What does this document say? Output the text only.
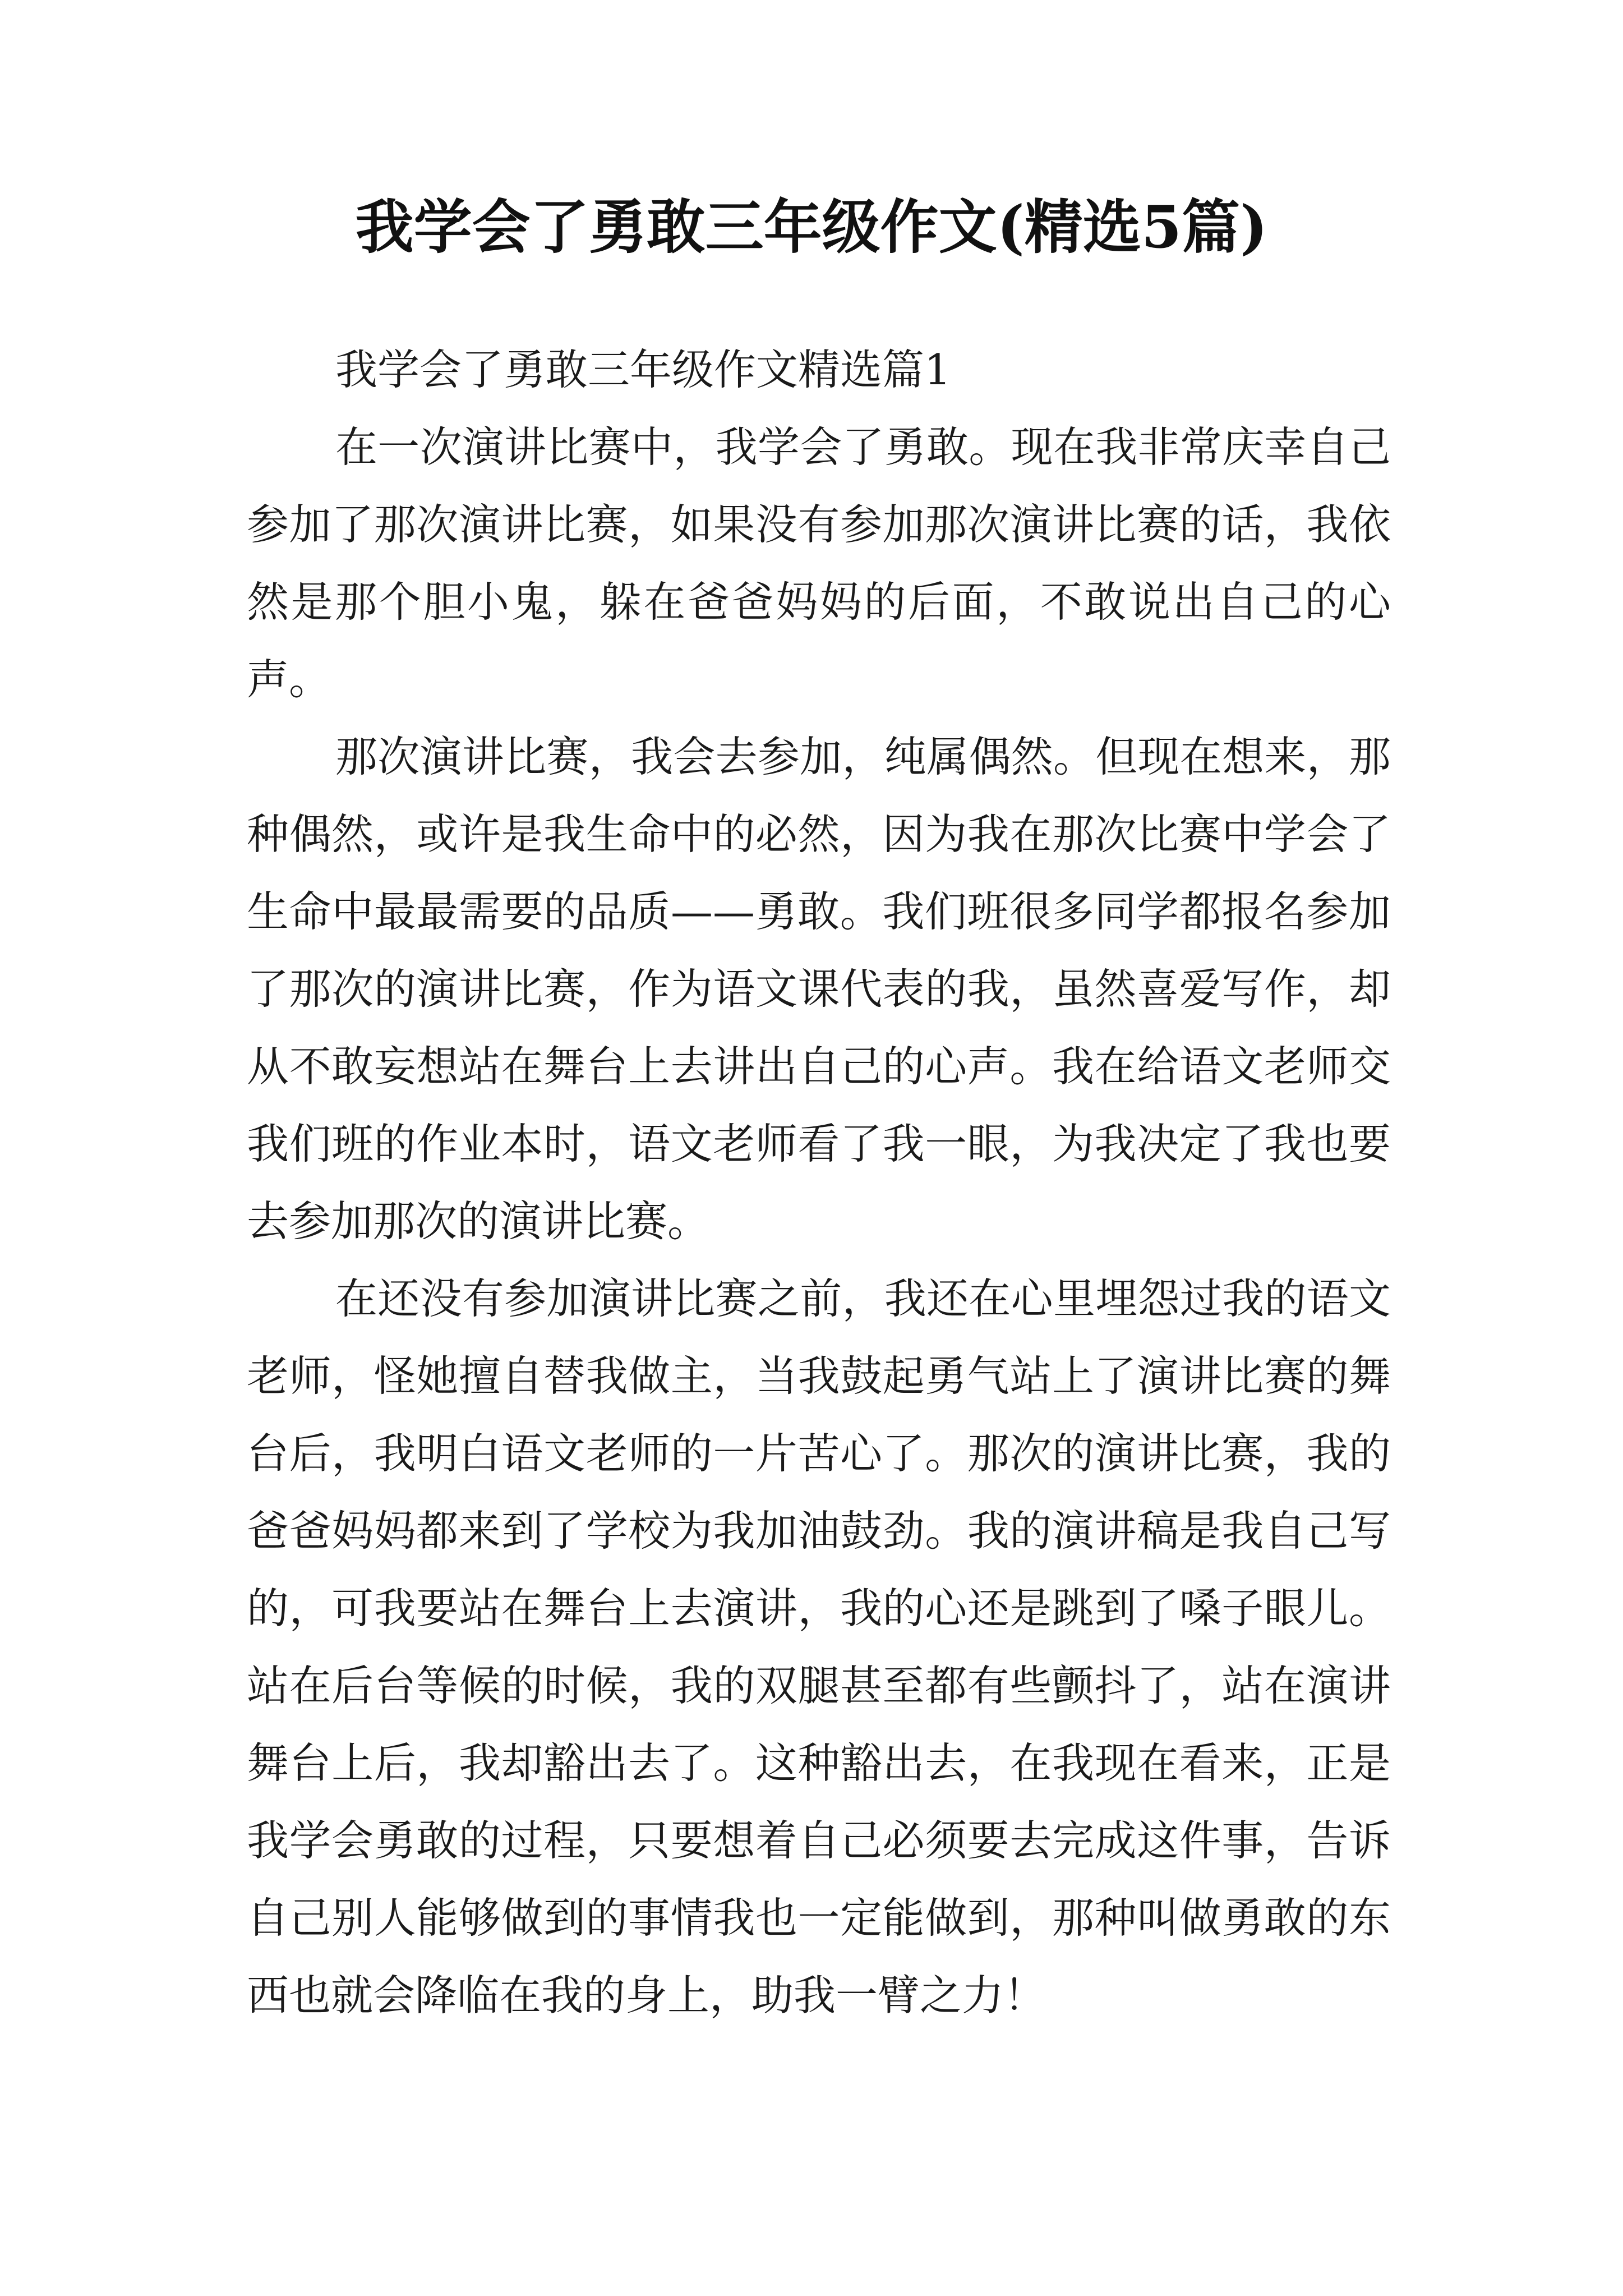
我学会了勇敢三年级作文(精选5篇)

我学会了勇敢三年级作文精选篇1

在一次演讲比赛中，我学会了勇敢。现在我非常庆幸自己参加了那次演讲比赛，如果没有参加那次演讲比赛的话，我依然是那个胆小鬼，躲在爸爸妈妈的后面，不敢说出自己的心声。

那次演讲比赛，我会去参加，纯属偶然。但现在想来，那种偶然，或许是我生命中的必然，因为我在那次比赛中学会了生命中最最需要的品质——勇敢。我们班很多同学都报名参加了那次的演讲比赛，作为语文课代表的我，虽然喜爱写作，却从不敢妄想站在舞台上去讲出自己的心声。我在给语文老师交我们班的作业本时，语文老师看了我一眼，为我决定了我也要去参加那次的演讲比赛。

在还没有参加演讲比赛之前，我还在心里埋怨过我的语文老师，怪她擅自替我做主，当我鼓起勇气站上了演讲比赛的舞台后，我明白语文老师的一片苦心了。那次的演讲比赛，我的爸爸妈妈都来到了学校为我加油鼓劲。我的演讲稿是我自己写的，可我要站在舞台上去演讲，我的心还是跳到了嗓子眼儿。站在后台等候的时候，我的双腿甚至都有些颤抖了，站在演讲舞台上后，我却豁出去了。这种豁出去，在我现在看来，正是我学会勇敢的过程，只要想着自己必须要去完成这件事，告诉自己别人能够做到的事情我也一定能做到，那种叫做勇敢的东西也就会降临在我的身上，助我一臂之力！
